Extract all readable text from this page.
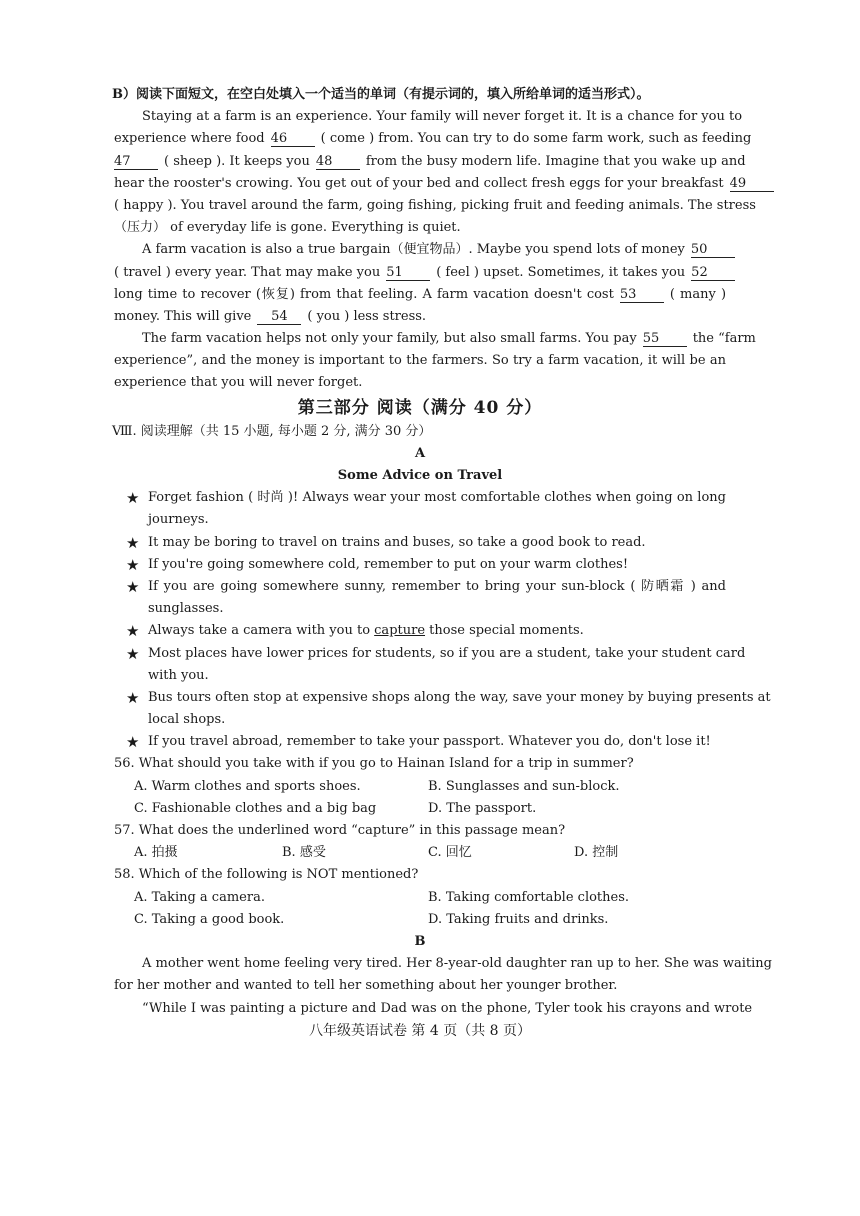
B）阅读下面短文，在空白处填入一个适当的单词（有提示词的，填入所给单词的适当形式）。
Staying at a farm is an experience. Your family will never forget it. It is a chance for you to
experience where food 46	( come ) from. You can try to do some farm work, such as feeding
47	( sheep ). It keeps you 48	from the busy modern life. Imagine that you wake up and
hear the rooster's crowing. You get out of your bed and collect fresh eggs for your breakfast 49
( happy ). You travel around the farm, going fishing, picking fruit and feeding animals. The stress
（压力） of everyday life is gone. Everything is quiet.
A farm vacation is also a true bargain（便宜物品）. Maybe you spend lots of money 50
( travel ) every year. That may make you 51	( feel ) upset. Sometimes, it takes you 52
long time to recover (恢复) from that feeling. A farm vacation doesn't cost 53	( many )
money. This will give 54 ( you ) less stress.
The farm vacation helps not only your family, but also small farms. You pay 55	the “farm
experience”, and the money is important to the farmers. So try a farm vacation, it will be an
experience that you will never forget.
第三部分 阅读（满分 40 分）
Ⅷ. 阅读理解（共 15 小题, 每小题 2 分, 满分 30 分）
A
Some Advice on Travel
★ Forget fashion ( 时尚 )! Always wear your most comfortable clothes when going on long
journeys.
★ It may be boring to travel on trains and buses, so take a good book to read.
★ If you're going somewhere cold, remember to put on your warm clothes!
★ If you are going somewhere sunny, remember to bring your sun-block ( 防晒霜 ) and
sunglasses.
★ Always take a camera with you to capture those special moments.
★ Most places have lower prices for students, so if you are a student, take your student card
with you.
★ Bus tours often stop at expensive shops along the way, save your money by buying presents at
local shops.
★ If you travel abroad, remember to take your passport. Whatever you do, don't lose it!
56. What should you take with if you go to Hainan Island for a trip in summer?
A. Warm clothes and sports shoes.	B. Sunglasses and sun-block.
C. Fashionable clothes and a big bag	D. The passport.
57. What does the underlined word “capture” in this passage mean?
A. 拍摄	B. 感受	C. 回忆	D. 控制
58. Which of the following is NOT mentioned?
A. Taking a camera.	B. Taking comfortable clothes.
C. Taking a good book.	D. Taking fruits and drinks.
B
A mother went home feeling very tired. Her 8-year-old daughter ran up to her. She was waiting
for her mother and wanted to tell her something about her younger brother.
“While I was painting a picture and Dad was on the phone, Tyler took his crayons and wrote
八年级英语试卷 第 4 页（共 8 页）
